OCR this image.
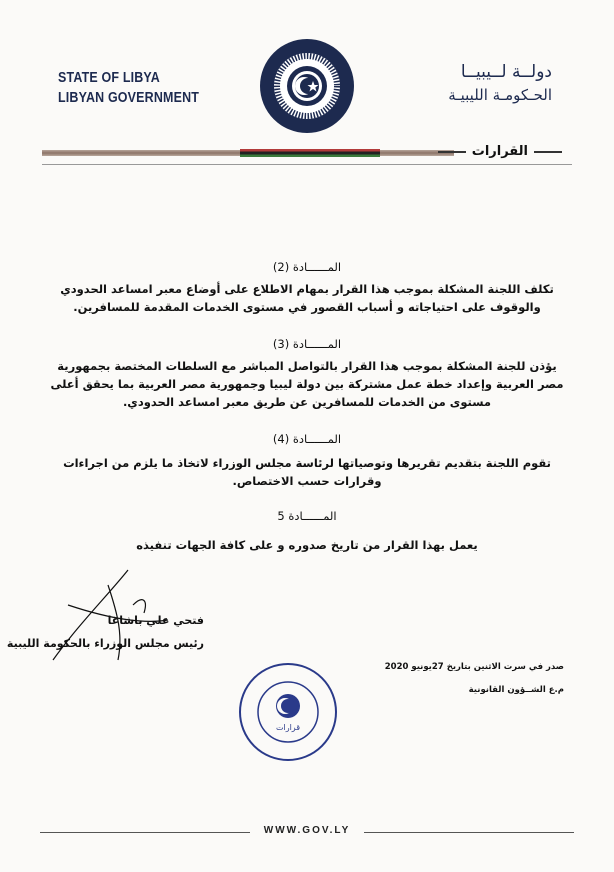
STATE OF LIBYA
LIBYAN GOVERNMENT
دولــة لــيبيــا
الحـكومـة الليبيـة
القرارات
المــــــادة (2)
تكلف اللجنة المشكلة بموجب هذا القرار بمهام الاطلاع على أوضاع معبر امساعد الحدودي والوقوف على احتياجاته و أسباب القصور في مستوى الخدمات المقدمة للمسافرين.
المــــــادة (3)
يؤذن للجنة المشكلة بموجب هذا القرار بالتواصل المباشر مع السلطات المختصة بجمهورية مصر العربية وإعداد خطة عمل مشتركة بين دولة ليبيا وجمهورية مصر العربية بما يحقق أعلى مستوى من الخدمات للمسافرين عن طريق معبر امساعد الحدودي.
المــــــادة (4)
تقوم اللجنة بتقديم تقريرها وتوصياتها لرئاسة مجلس الوزراء لاتخاذ ما يلزم من اجراءات وقرارات حسب الاختصاص.
المــــــادة 5
يعمل بهذا القرار من تاريخ صدوره و على كافة الجهات تنفيذه
فتحي علي باشاغا
رئيس مجلس الوزراء بالحكومة الليبية
قرارات
صدر في سرت الاثنين بتاريخ 27يونيو 2020
م.ع الشــؤون القانونية
WWW.GOV.LY
